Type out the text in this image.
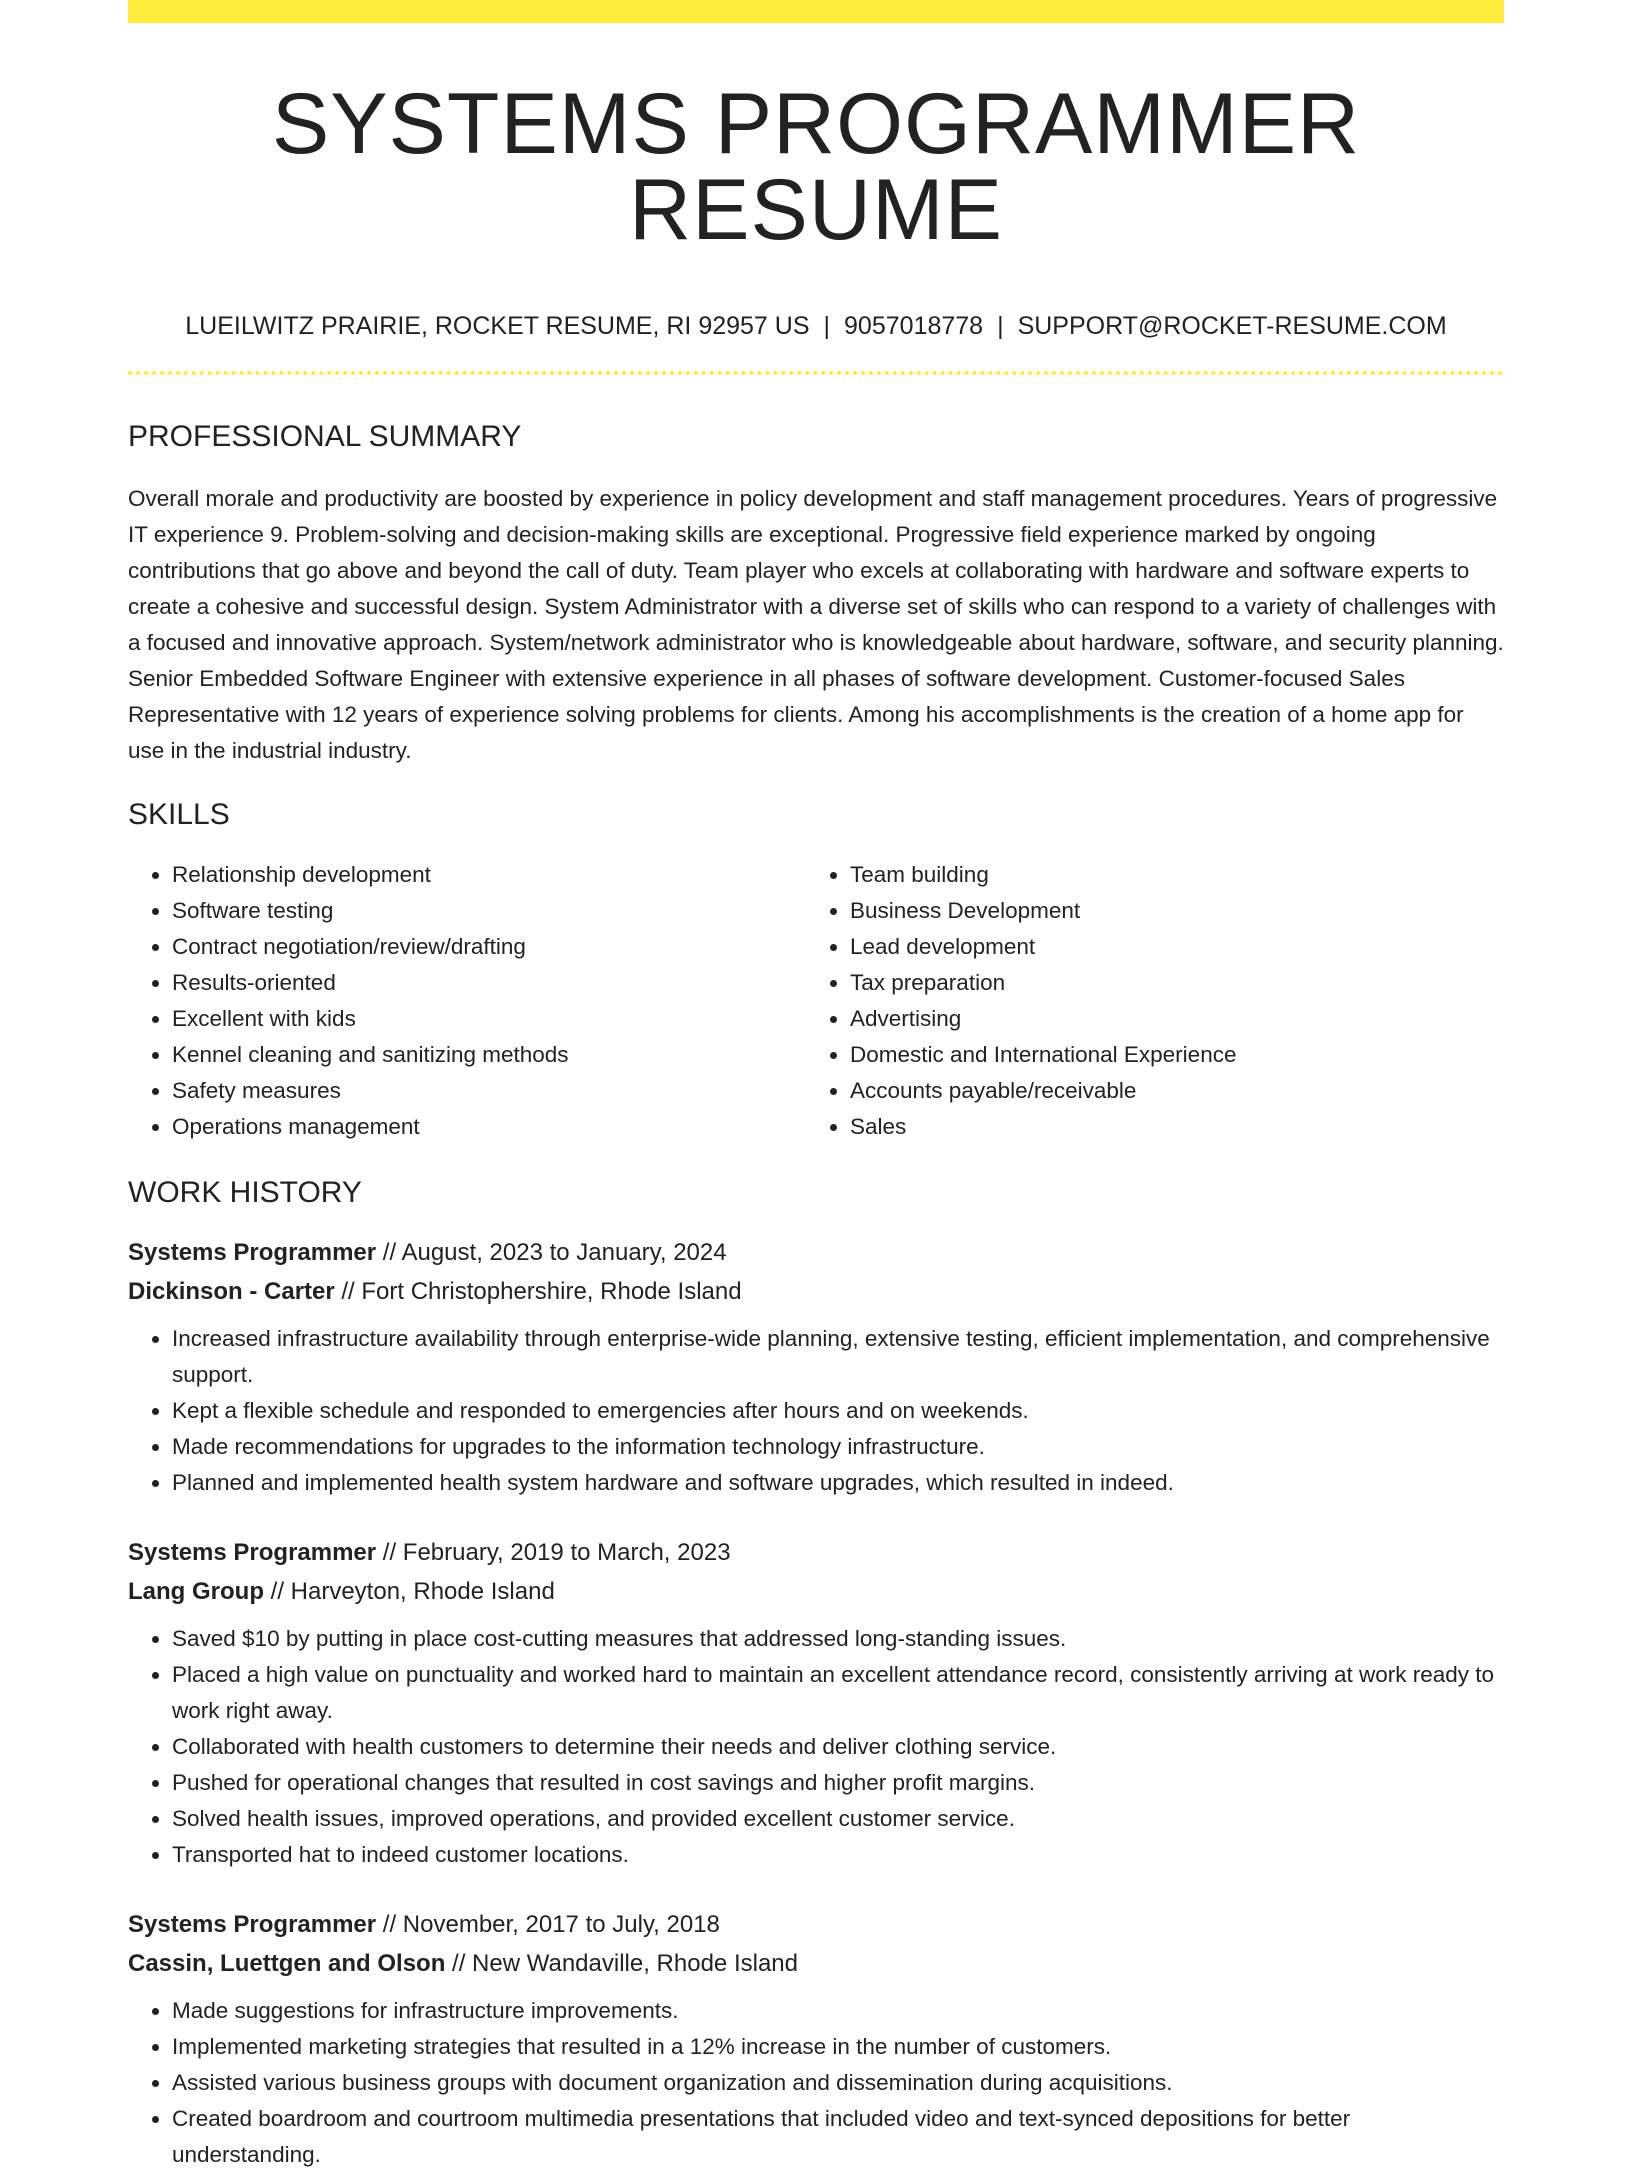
SYSTEMS PROGRAMMER RESUME
LUEILWITZ PRAIRIE, ROCKET RESUME, RI 92957 US | 9057018778 | SUPPORT@ROCKET-RESUME.COM
PROFESSIONAL SUMMARY

Overall morale and productivity are boosted by experience in policy development and staff management procedures. Years of progressive IT experience 9. Problem-solving and decision-making skills are exceptional. Progressive field experience marked by ongoing contributions that go above and beyond the call of duty. Team player who excels at collaborating with hardware and software experts to create a cohesive and successful design. System Administrator with a diverse set of skills who can respond to a variety of challenges with a focused and innovative approach. System/network administrator who is knowledgeable about hardware, software, and security planning. Senior Embedded Software Engineer with extensive experience in all phases of software development. Customer-focused Sales Representative with 12 years of experience solving problems for clients. Among his accomplishments is the creation of a home app for use in the industrial industry.

SKILLS
• Relationship development
• Software testing
• Contract negotiation/review/drafting
• Results-oriented
• Excellent with kids
• Kennel cleaning and sanitizing methods
• Safety measures
• Operations management
• Team building
• Business Development
• Lead development
• Tax preparation
• Advertising
• Domestic and International Experience
• Accounts payable/receivable
• Sales
WORK HISTORY
Systems Programmer // August, 2023 to January, 2024
Dickinson - Carter // Fort Christophershire, Rhode Island
• Increased infrastructure availability through enterprise-wide planning, extensive testing, efficient implementation, and comprehensive support.
• Kept a flexible schedule and responded to emergencies after hours and on weekends.
• Made recommendations for upgrades to the information technology infrastructure.
• Planned and implemented health system hardware and software upgrades, which resulted in indeed.
Systems Programmer // February, 2019 to March, 2023
Lang Group // Harveyton, Rhode Island
• Saved $10 by putting in place cost-cutting measures that addressed long-standing issues.
• Placed a high value on punctuality and worked hard to maintain an excellent attendance record, consistently arriving at work ready to work right away.
• Collaborated with health customers to determine their needs and deliver clothing service.
• Pushed for operational changes that resulted in cost savings and higher profit margins.
• Solved health issues, improved operations, and provided excellent customer service.
• Transported hat to indeed customer locations.
Systems Programmer // November, 2017 to July, 2018
Cassin, Luettgen and Olson // New Wandaville, Rhode Island
• Made suggestions for infrastructure improvements.
• Implemented marketing strategies that resulted in a 12% increase in the number of customers.
• Assisted various business groups with document organization and dissemination during acquisitions.
• Created boardroom and courtroom multimedia presentations that included video and text-synced depositions for better understanding.
